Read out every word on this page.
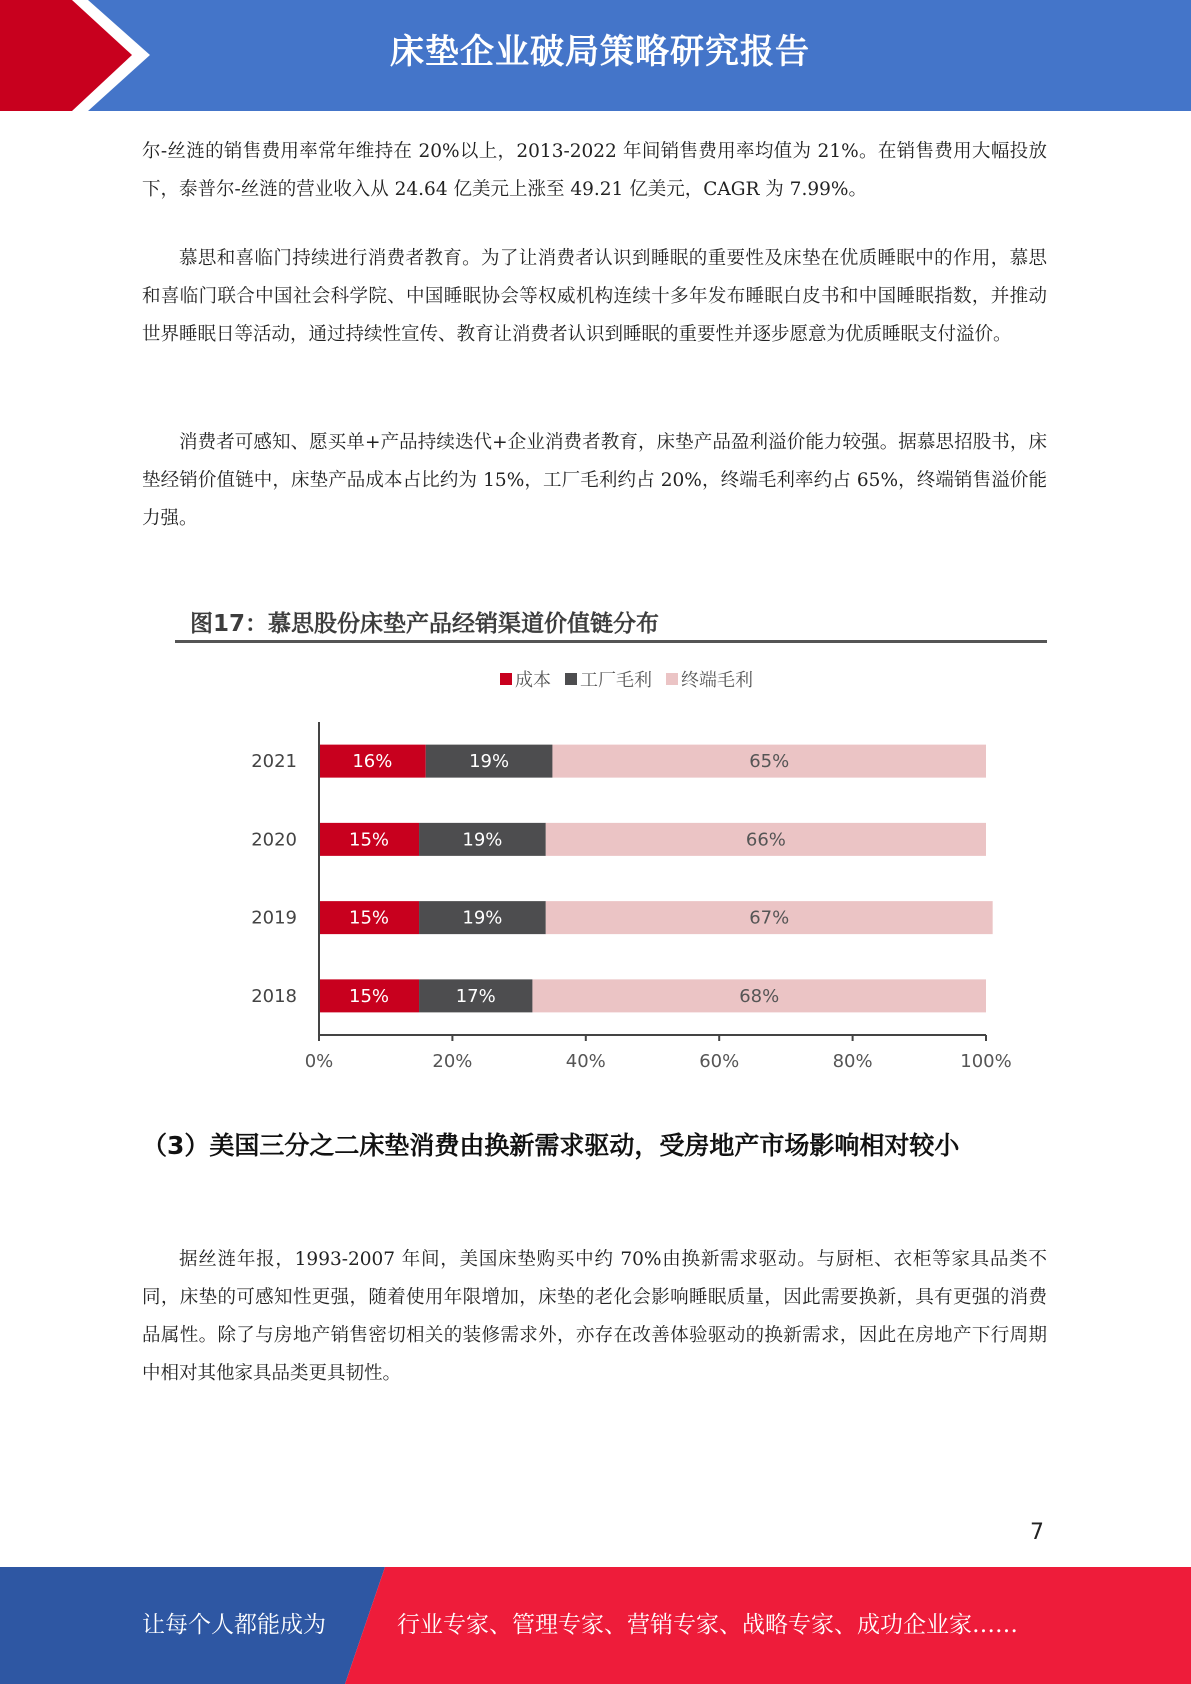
床垫企业破局策略研究报告

尔-丝涟的销售费用率常年维持在 20%以上，2013-2022 年间销售费用率均值为 21%。在销售费用大幅投放下，泰普尔-丝涟的营业收入从 24.64 亿美元上涨至 49.21 亿美元，CAGR 为 7.99%。

慕思和喜临门持续进行消费者教育。为了让消费者认识到睡眠的重要性及床垫在优质睡眠中的作用，慕思和喜临门联合中国社会科学院、中国睡眠协会等权威机构连续十多年发布睡眠白皮书和中国睡眠指数，并推动世界睡眠日等活动，通过持续性宣传、教育让消费者认识到睡眠的重要性并逐步愿意为优质睡眠支付溢价。

消费者可感知、愿买单+产品持续迭代+企业消费者教育，床垫产品盈利溢价能力较强。据慕思招股书，床垫经销价值链中，床垫产品成本占比约为 15%，工厂毛利约占 20%，终端毛利率约占 65%，终端销售溢价能力强。

图17：慕思股份床垫产品经销渠道价值链分布
成本 工厂毛利 终端毛利
2021	16%	19%	65%
2020	15%	19%	66%
2019	15%	19%	67%
2018	15%	17%	68%
0%	20%	40%	60%	80%	100%
（3）美国三分之二床垫消费由换新需求驱动，受房地产市场影响相对较小

据丝涟年报，1993-2007 年间，美国床垫购买中约 70%由换新需求驱动。与厨柜、衣柜等家具品类不同，床垫的可感知性更强，随着使用年限增加，床垫的老化会影响睡眠质量，因此需要换新，具有更强的消费品属性。除了与房地产销售密切相关的装修需求外，亦存在改善体验驱动的换新需求，因此在房地产下行周期中相对其他家具品类更具韧性。

7
让每个人都能成为	行业专家、管理专家、营销专家、战略专家、成功企业家……
